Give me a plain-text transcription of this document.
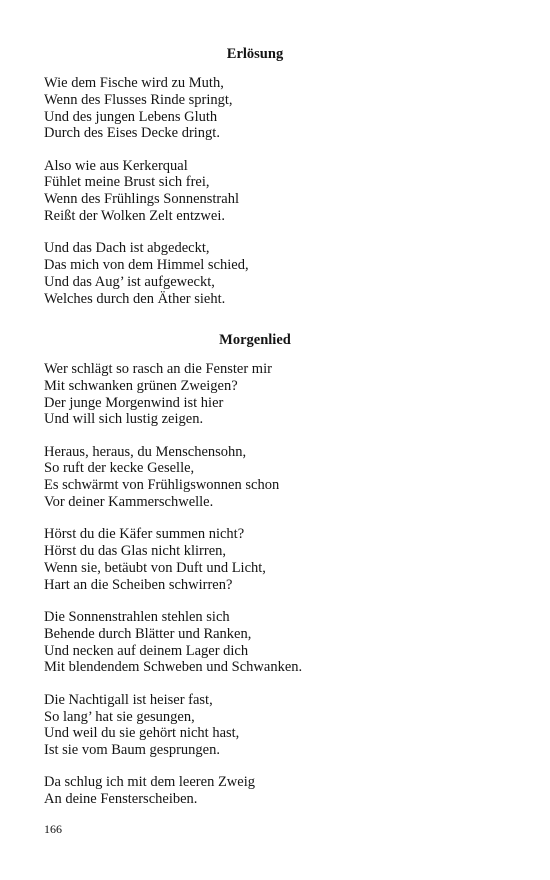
Erlösung
Wie dem Fische wird zu Muth,
Wenn des Flusses Rinde springt,
Und des jungen Lebens Gluth
Durch des Eises Decke dringt.
Also wie aus Kerkerqual
Fühlet meine Brust sich frei,
Wenn des Frühlings Sonnenstrahl
Reißt der Wolken Zelt entzwei.
Und das Dach ist abgedeckt,
Das mich von dem Himmel schied,
Und das Aug’ ist aufgeweckt,
Welches durch den Äther sieht.
Morgenlied
Wer schlägt so rasch an die Fenster mir
Mit schwanken grünen Zweigen?
Der junge Morgenwind ist hier
Und will sich lustig zeigen.
Heraus, heraus, du Menschensohn,
So ruft der kecke Geselle,
Es schwärmt von Frühligswonnen schon
Vor deiner Kammerschwelle.
Hörst du die Käfer summen nicht?
Hörst du das Glas nicht klirren,
Wenn sie, betäubt von Duft und Licht,
Hart an die Scheiben schwirren?
Die Sonnenstrahlen stehlen sich
Behende durch Blätter und Ranken,
Und necken auf deinem Lager dich
Mit blendendem Schweben und Schwanken.
Die Nachtigall ist heiser fast,
So lang’ hat sie gesungen,
Und weil du sie gehört nicht hast,
Ist sie vom Baum gesprungen.
Da schlug ich mit dem leeren Zweig
An deine Fensterscheiben.
166
